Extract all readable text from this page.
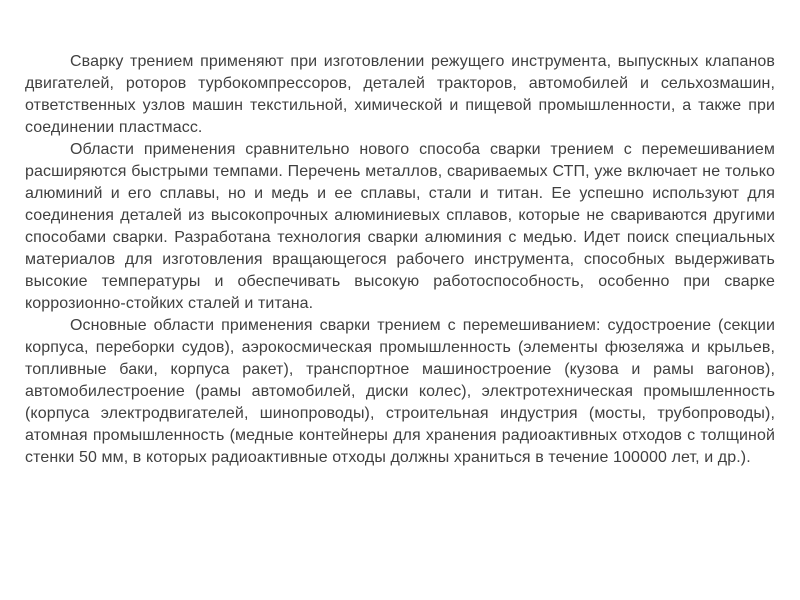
Сварку трением применяют при изготовлении режущего инструмента, выпускных клапанов двигателей, роторов турбокомпрессоров, деталей тракторов, автомобилей и сельхозмашин, ответственных узлов машин текстильной, химической и пищевой промышленности, а также при соединении пластмасс.

Области применения сравнительно нового способа сварки трением с перемешиванием расширяются быстрыми темпами. Перечень металлов, свариваемых СТП, уже включает не только алюминий и его сплавы, но и медь и ее сплавы, стали и титан. Ее успешно используют для соединения деталей из высокопрочных алюминиевых сплавов, которые не свариваются другими способами сварки. Разработана технология сварки алюминия с медью. Идет поиск специальных материалов для изготовления вращающегося рабочего инструмента, способных выдерживать высокие температуры и обеспечивать высокую работоспособность, особенно при сварке коррозионно-стойких сталей и титана.

Основные области применения сварки трением с перемешиванием: судостроение (секции корпуса, переборки судов), аэрокосмическая промышленность (элементы фюзеляжа и крыльев, топливные баки, корпуса ракет), транспортное машиностроение (кузова и рамы вагонов), автомобилестроение (рамы автомобилей, диски колес), электротехническая промышленность (корпуса электродвигателей, шинопроводы), строительная индустрия (мосты, трубопроводы), атомная промышленность (медные контейнеры для хранения радиоактивных отходов с толщиной стенки 50 мм, в которых радиоактивные отходы должны храниться в течение 100000 лет, и др.).
